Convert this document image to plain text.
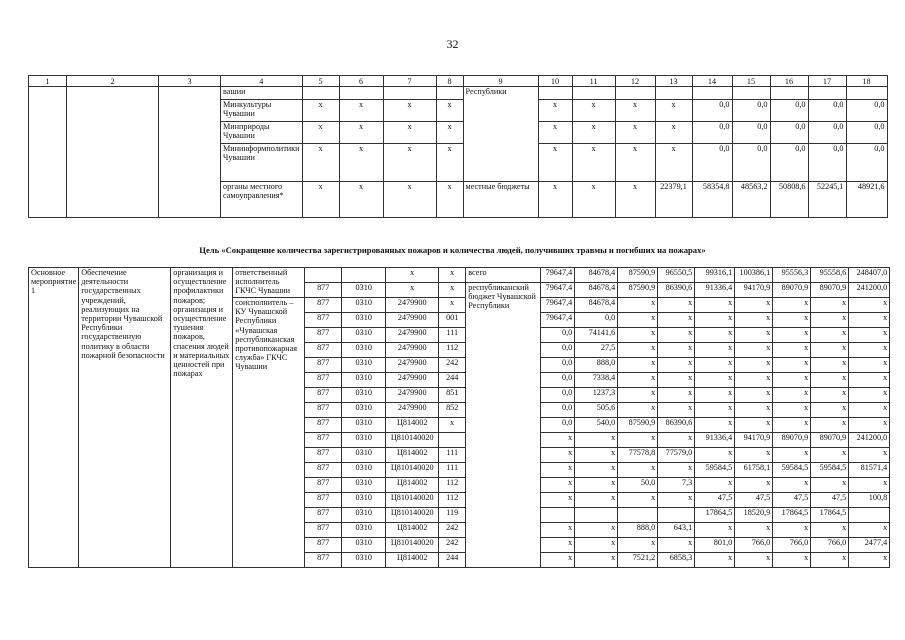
32
1	2	3	4	5	6	7	8	9	10	11	12	13	14	15	16	17	18
			вашии					Республики									
			Минкультуры Чувашии	x	x	x	x		x	x	x	x	0,0	0,0	0,0	0,0	0,0
			Минприроды Чувашии	x	x	x	x		x	x	x	x	0,0	0,0	0,0	0,0	0,0
			Мининформполитики Чувашии	x	x	x	x		x	x	x	x	0,0	0,0	0,0	0,0	0,0
			органы местного самоуправления*	x	x	x	x	местные бюджеты	x	x	x	22379,1	58354,8	48563,2	50808,6	52245,1	48921,6
Цель «Сокращение количества зарегистрированных пожаров и количества людей, получивших травмы и погибших на пожарах»
Основное мероприятие 1	Обеспечение деятельности государственных учреждений, реализующих на территории Чувашской Республики государственную политику в области пожарной безопасности	организация и осуществление профилактики пожаров; организация и осуществление тушения пожаров, спасения людей и материальных ценностей при пожарах	ответственный исполнитель ГКЧС Чувашии			x	x	всего	79647,4	84678,4	87590,9	96550,5	99316,1	100386,1	95556,3	95558,6	248407,0
				877	0310	x	x	республиканский бюджет Чувашской Республики	79647,4	84678,4	87590,9	86390,6	91336,4	94170,9	89070,9	89070,9	241200,0
			соисполнитель – КУ Чувашской Республики «Чувашская республиканская противопожарная служба» ГКЧС Чувашии	877	0310	2479900	x		79647,4	84678,4	x	x	x	x	x	x	x
				877	0310	2479900	001		79647,4	0,0	x	x	x	x	x	x	x
				877	0310	2479900	111		0,0	74141,6	x	x	x	x	x	x	x
				877	0310	2479900	112		0,0	27,5	x	x	x	x	x	x	x
				877	0310	2479900	242		0,0	888,0	x	x	x	x	x	x	x
				877	0310	2479900	244		0,0	7338,4	x	x	x	x	x	x	x
				877	0310	2479900	851		0,0	1237,3	x	x	x	x	x	x	x
				877	0310	2479900	852		0,0	505,6	x	x	x	x	x	x	x
				877	0310	Ц814002	x		0,0	540,0	87590,9	86390,6	x	x	x	x	x
				877	0310	Ц810140020			x	x	x	x	91336,4	94170,9	89070,9	89070,9	241200,0
				877	0310	Ц814002	111		x	x	77578,8	77579,0	x	x	x	x	x
				877	0310	Ц810140020	111		x	x	x	x	59584,5	61758,1	59584,5	59584,5	81571,4
				877	0310	Ц814002	112		x	x	50,0	7,3	x	x	x	x	x
				877	0310	Ц810140020	112		x	x	x	x	47,5	47,5	47,5	47,5	100,8
				877	0310	Ц810140020	119						17864,5	18520,9	17864,5	17864,5	
				877	0310	Ц814002	242		x	x	888,0	643,1	x	x	x	x	x
				877	0310	Ц810140020	242		x	x	x	x	801,0	766,0	766,0	766,0	2477,4
				877	0310	Ц814002	244		x	x	7521,2	6858,3	x	x	x	x	x
